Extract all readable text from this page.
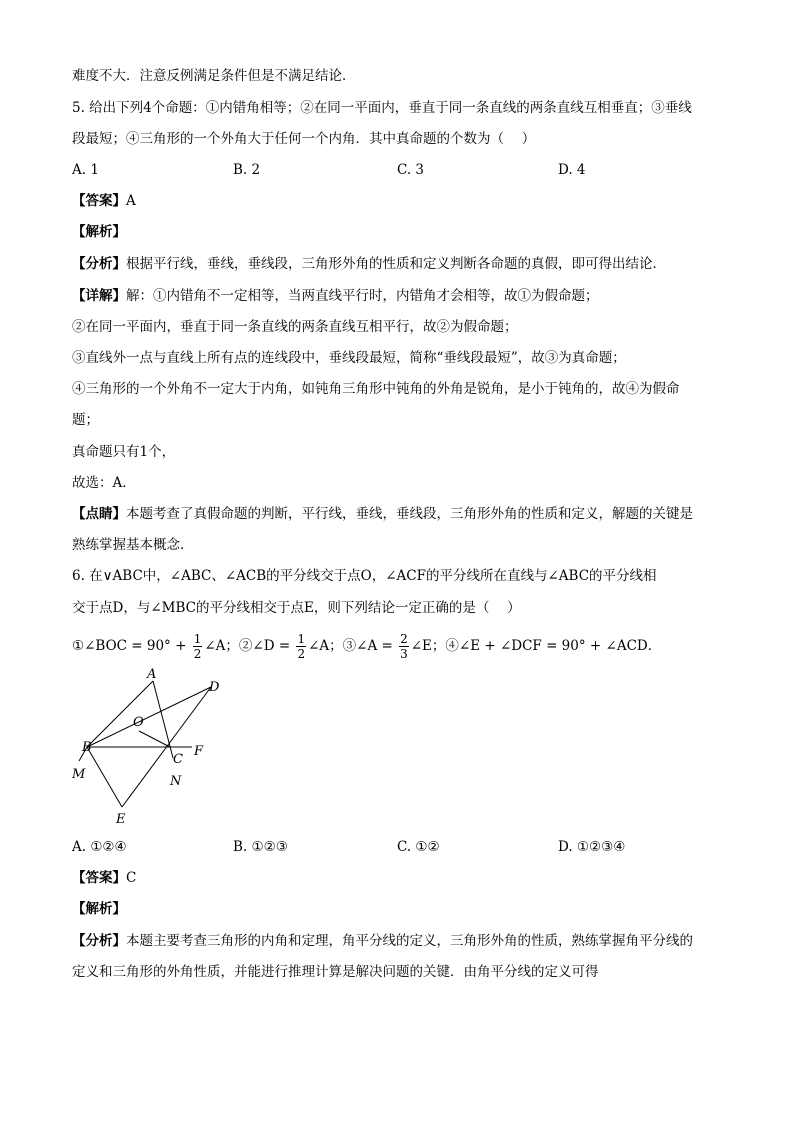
难度不大．注意反例满足条件但是不满足结论．
5. 给出下列4个命题：①内错角相等；②在同一平面内，垂直于同一条直线的两条直线互相垂直；③垂线
段最短；④三角形的一个外角大于任何一个内角．其中真命题的个数为（　 ）
A. 1	B. 2	C. 3	D. 4
【答案】A
【解析】
【分析】根据平行线，垂线，垂线段，三角形外角的性质和定义判断各命题的真假，即可得出结论．
【详解】解：①内错角不一定相等，当两直线平行时，内错角才会相等，故①为假命题；
②在同一平面内，垂直于同一条直线的两条直线互相平行，故②为假命题；
③直线外一点与直线上所有点的连线段中，垂线段最短，简称“垂线段最短”，故③为真命题；
④三角形的一个外角不一定大于内角，如钝角三角形中钝角的外角是锐角，是小于钝角的，故④为假命
题；
真命题只有1个，
故选：A．
【点睛】本题考查了真假命题的判断，平行线，垂线，垂线段，三角形外角的性质和定义，解题的关键是
熟练掌握基本概念．
6. 在∨ABC中，∠ABC、∠ACB的平分线交于点O，∠ACF的平分线所在直线与∠ABC的平分线相
交于点D，与∠MBC的平分线相交于点E，则下列结论一定正确的是（　 ）
①∠BOC = $90^\circ + \frac{1}{2}$ ∠A；②∠D = $\frac{1}{2}$ ∠A；③∠A = $\frac{2}{3}$ ∠E；④∠E + ∠DCF = 90° + ∠ACD．
A
D
O
B
C
F
M	N
E
A. ①②④	B. ①②③	C. ①②	D. ①②③④
【答案】C
【解析】
【分析】本题主要考查三角形的内角和定理，角平分线的定义，三角形外角的性质，熟练掌握角平分线的
定义和三角形的外角性质，并能进行推理计算是解决问题的关键．由角平分线的定义可得
